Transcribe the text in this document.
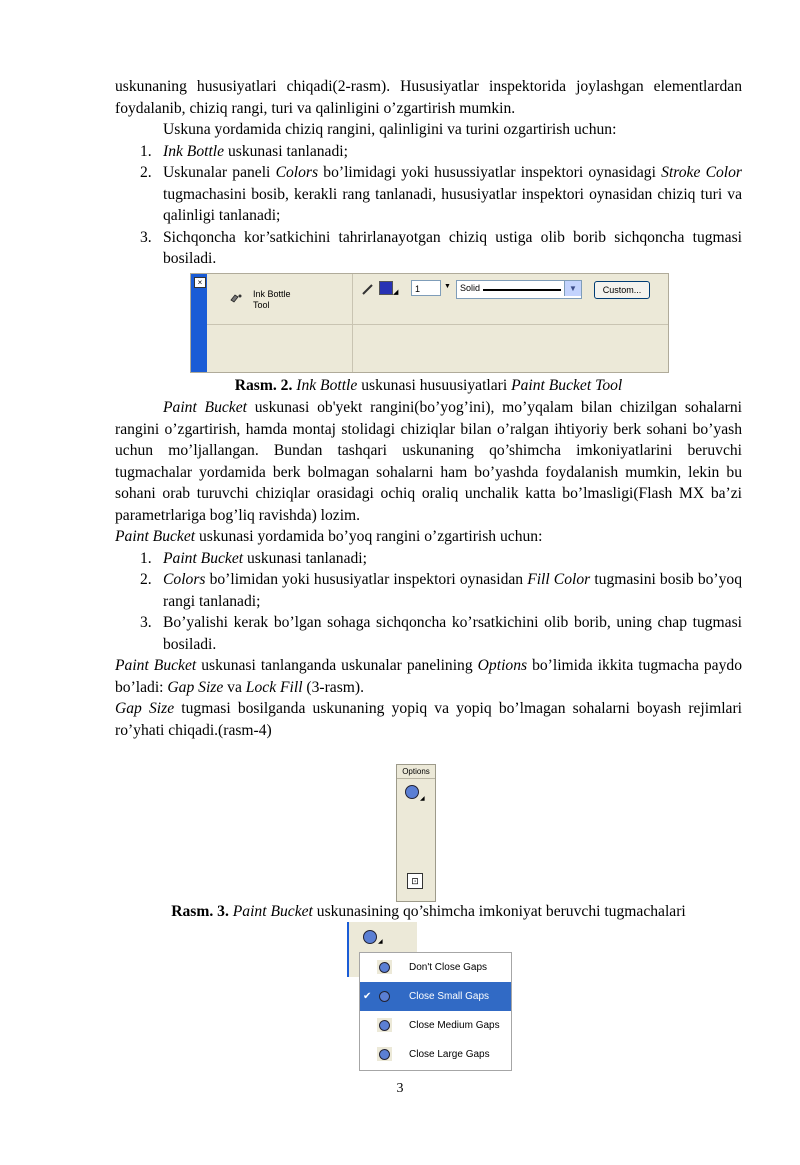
uskunaning hususiyatlari chiqadi(2-rasm). Hususiyatlar inspektorida joylashgan elementlardan foydalanib, chiziq rangi, turi va qalinligini o’zgartirish mumkin.

Uskuna yordamida chiziq rangini, qalinligini va turini ozgartirish uchun:

1. Ink Bottle uskunasi tanlanadi;
2. Uskunalar paneli Colors bo’limidagi yoki husussiyatlar inspektori oynasidagi Stroke Color tugmachasini bosib, kerakli rang tanlanadi, hususiyatlar inspektori oynasidan chiziq turi va qalinligi tanlanadi;
3. Sichqoncha kor’satkichini tahrirlanayotgan chiziq ustiga olib borib sichqoncha tugmasi bosiladi.

Rasm. 2. Ink Bottle uskunasi husuusiyatlari Paint Bucket Tool

Paint Bucket uskunasi ob'yekt rangini(bo’yog’ini), mo’yqalam bilan chizilgan sohalarni rangini o’zgartirish, hamda montaj stolidagi chiziqlar bilan o’ralgan ihtiyoriy berk sohani bo’yash uchun mo’ljallangan. Bundan tashqari uskunaning qo’shimcha imkoniyatlarini beruvchi tugmachalar yordamida berk bolmagan sohalarni ham bo’yashda foydalanish mumkin, lekin bu sohani orab turuvchi chiziqlar orasidagi ochiq oraliq unchalik katta bo’lmasligi(Flash MX ba’zi parametrlariga bog’liq ravishda) lozim.

Paint Bucket uskunasi yordamida bo’yoq rangini o’zgartirish uchun:

1. Paint Bucket uskunasi tanlanadi;
2. Colors bo’limidan yoki hususiyatlar inspektori oynasidan Fill Color tugmasini bosib bo’yoq rangi tanlanadi;
3. Bo’yalishi kerak bo’lgan sohaga sichqoncha ko’rsatkichini olib borib, uning chap tugmasi bosiladi.

Paint Bucket uskunasi tanlanganda uskunalar panelining Options bo’limida ikkita tugmacha paydo bo’ladi: Gap Size va Lock Fill (3-rasm).

Gap Size tugmasi bosilganda uskunaning yopiq va yopiq bo’lmagan sohalarni boyash rejimlari ro’yhati chiqadi.(rasm-4)

Rasm. 3. Paint Bucket uskunasining qo’shimcha imkoniyat beruvchi tugmachalari

×
Ink Bottle
Tool
◢	1	▼ Solid	▼	Custom...
Options
◢
⊡
◢
Don't Close Gaps
✔	Close Small Gaps
Close Medium Gaps
Close Large Gaps
3
